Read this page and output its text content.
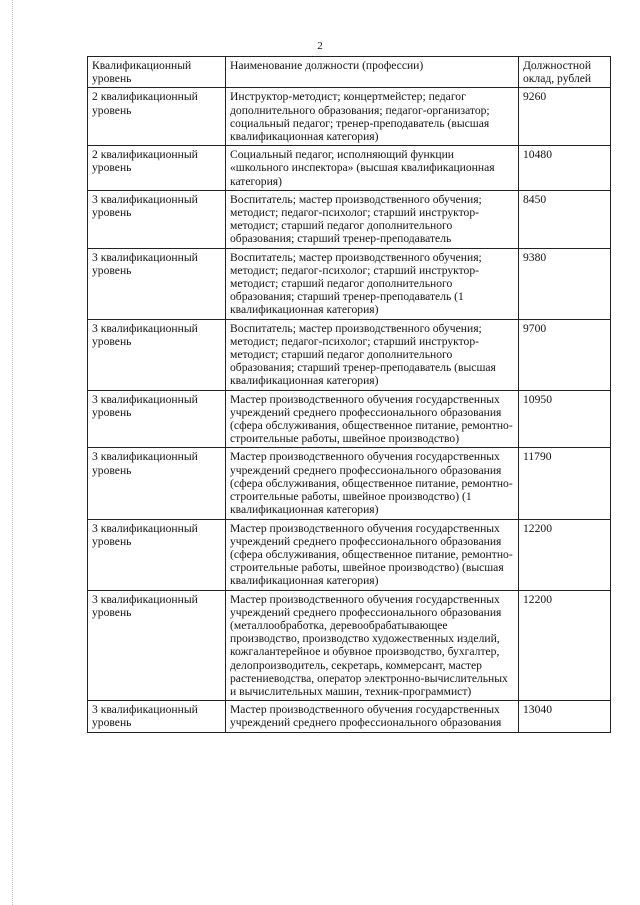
2
Квалификационный уровень	Наименование должности (профессии)	Должностной оклад, рублей
2 квалификационный уровень	Инструктор-методист; концертмейстер; педагог дополнительного образования; педагог-организатор; социальный педагог; тренер-преподаватель (высшая квалификационная категория)	9260
2 квалификационный уровень	Социальный педагог, исполняющий функции «школьного инспектора» (высшая квалификационная категория)	10480
3 квалификационный уровень	Воспитатель; мастер производственного обучения; методист; педагог-психолог; старший инструктор-методист; старший педагог дополнительного образования; старший тренер-преподаватель	8450
3 квалификационный уровень	Воспитатель; мастер производственного обучения; методист; педагог-психолог; старший инструктор-методист; старший педагог дополнительного образования; старший тренер-преподаватель (1 квалификационная категория)	9380
3 квалификационный уровень	Воспитатель; мастер производственного обучения; методист; педагог-психолог; старший инструктор-методист; старший педагог дополнительного образования; старший тренер-преподаватель (высшая квалификационная категория)	9700
3 квалификационный уровень	Мастер производственного обучения государственных учреждений среднего профессионального образования (сфера обслуживания, общественное питание, ремонтно-строительные работы, швейное производство)	10950
3 квалификационный уровень	Мастер производственного обучения государственных учреждений среднего профессионального образования (сфера обслуживания, общественное питание, ремонтно-строительные работы, швейное производство) (1 квалификационная категория)	11790
3 квалификационный уровень	Мастер производственного обучения государственных учреждений среднего профессионального образования (сфера обслуживания, общественное питание, ремонтно-строительные работы, швейное производство) (высшая квалификационная категория)	12200
3 квалификационный уровень	Мастер производственного обучения государственных учреждений среднего профессионального образования (металлообработка, деревообрабатывающее производство, производство художественных изделий, кожгалантерейное и обувное производство, бухгалтер, делопроизводитель, секретарь, коммерсант, мастер растениеводства, оператор электронно-вычислительных и вычислительных машин, техник-программист)	12200
3 квалификационный уровень	Мастер производственного обучения государственных учреждений среднего профессионального образования	13040
